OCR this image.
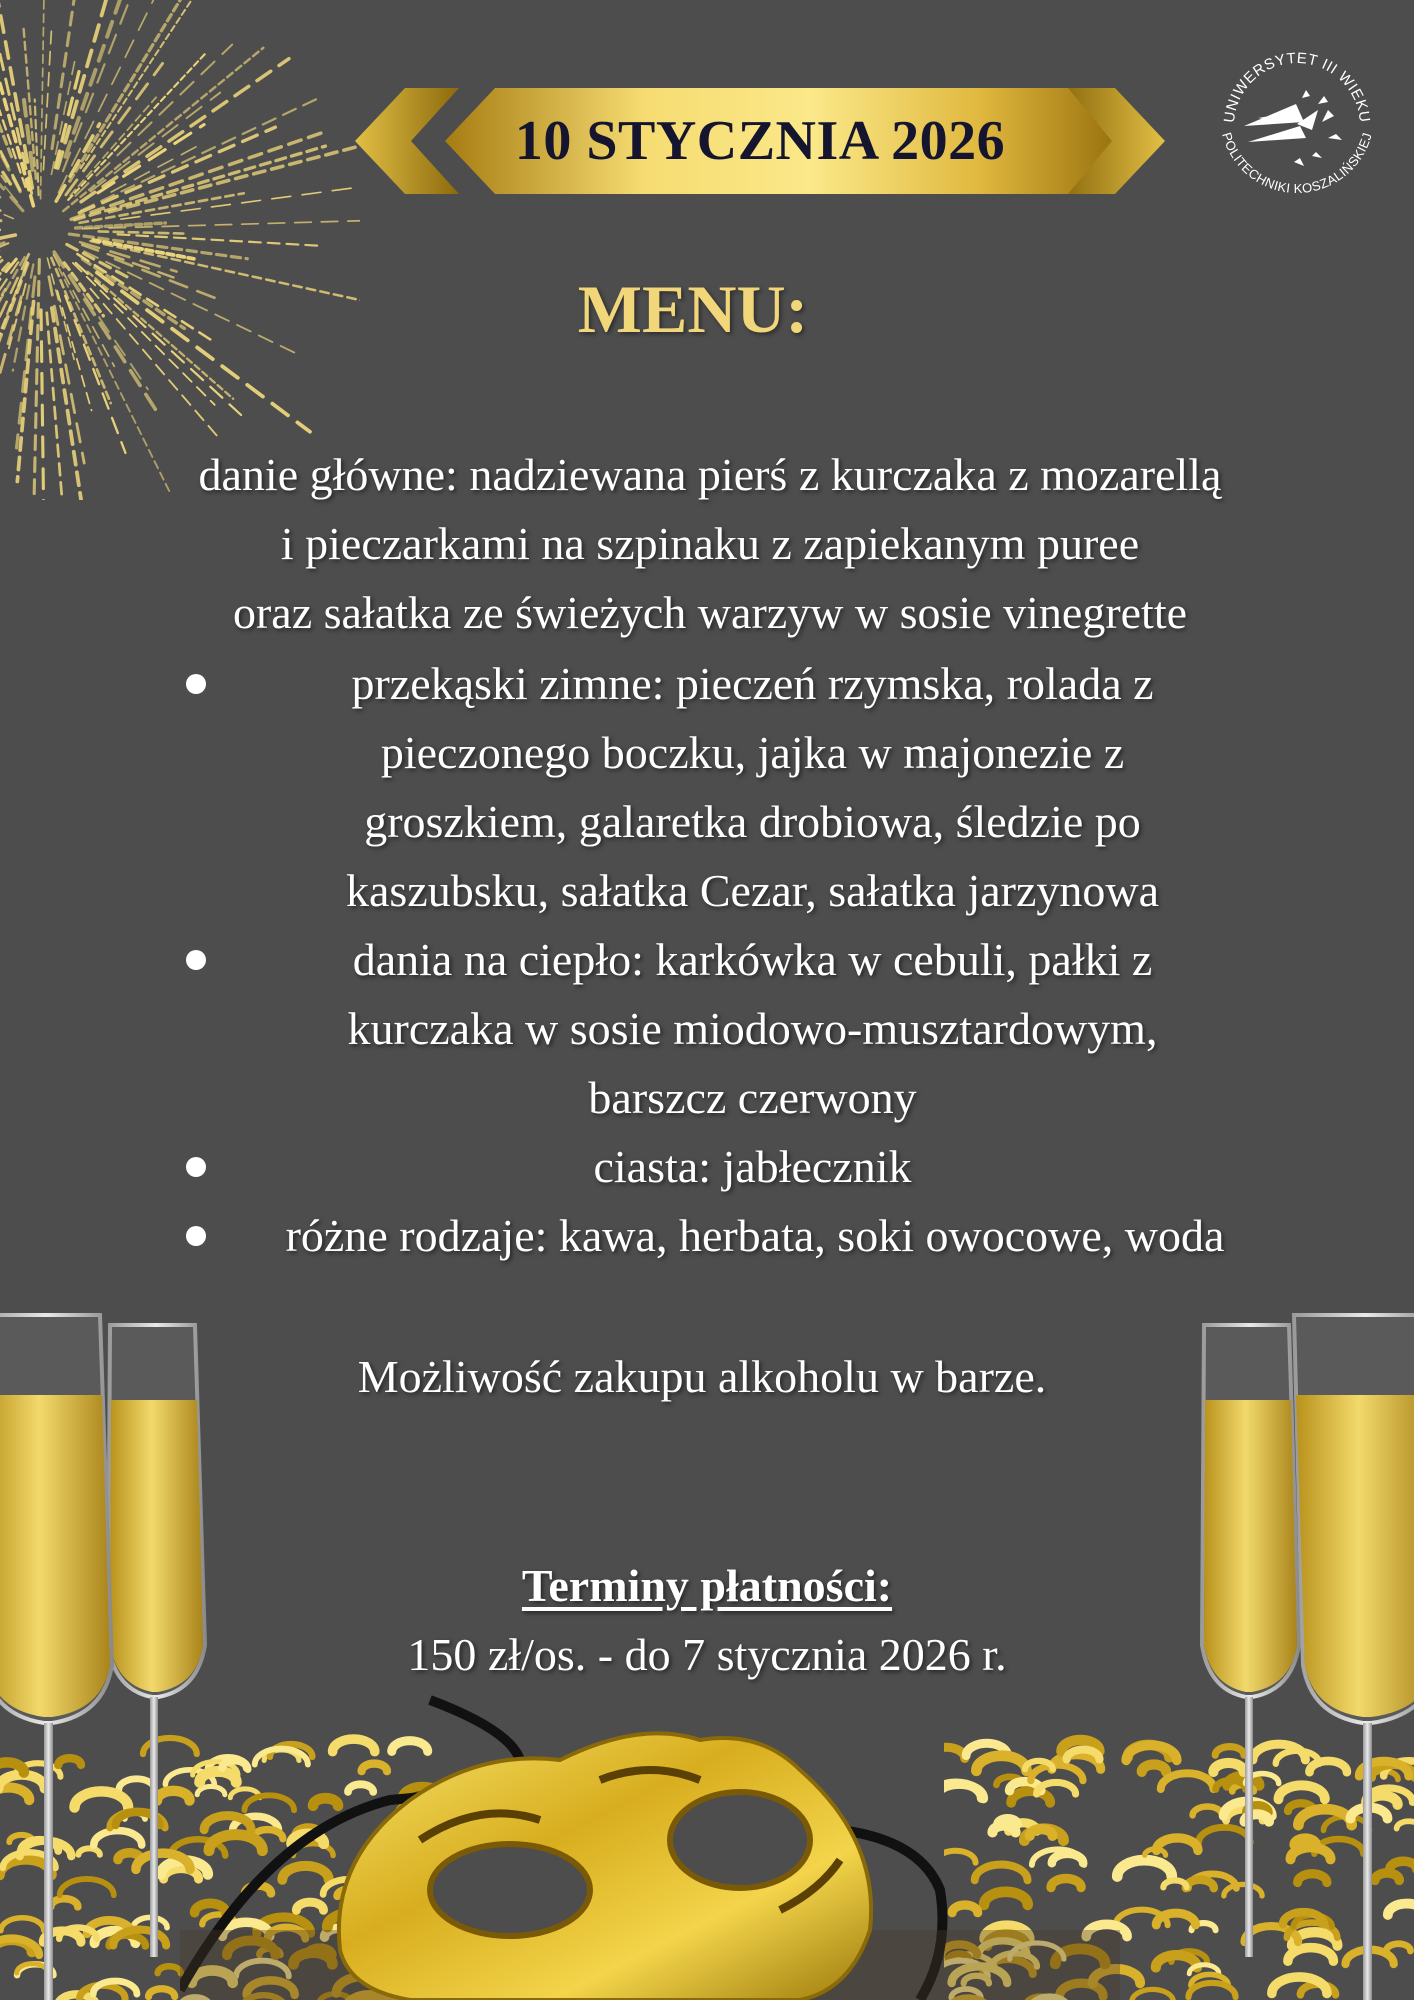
10 STYCZNIA 2026	UNIWERSYTET III WIEKU
POLITECHNIKI KOSZALIŃSKIEJ
MENU:
danie główne: nadziewana pierś z kurczaka z mozarellą
i pieczarkami na szpinaku z zapiekanym puree
oraz sałatka ze świeżych warzyw w sosie vinegrette
przekąski zimne: pieczeń rzymska, rolada z
pieczonego boczku, jajka w majonezie z
groszkiem, galaretka drobiowa, śledzie po
kaszubsku, sałatka Cezar, sałatka jarzynowa
dania na ciepło: karkówka w cebuli, pałki z
kurczaka w sosie miodowo-musztardowym,
barszcz czerwony
ciasta: jabłecznik
różne rodzaje: kawa, herbata, soki owocowe, woda
Możliwość zakupu alkoholu w barze.
Terminy płatności:
150 zł/os. - do 7 stycznia 2026 r.
